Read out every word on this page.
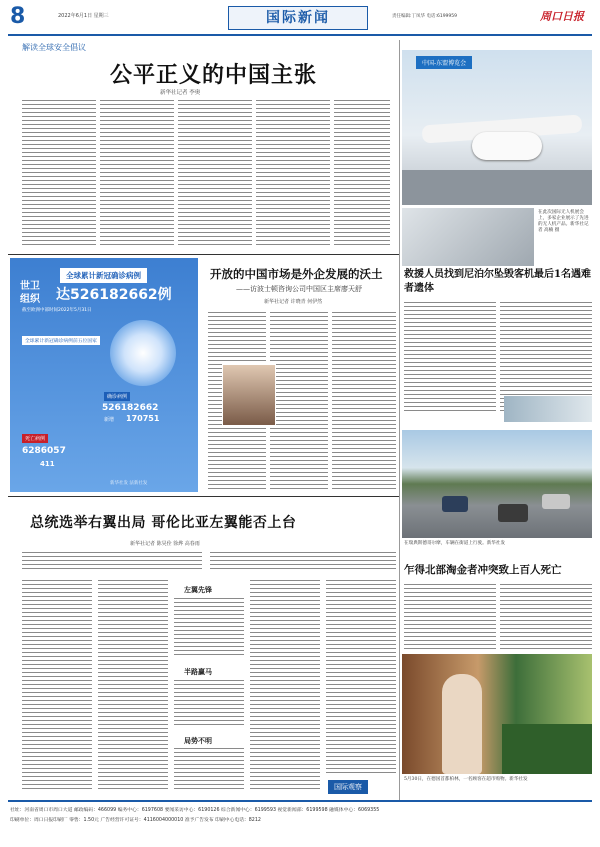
8	2022年6月1日 星期三	国际新闻	责任编辑:丁凤华 电话:6199959	周口日报
解读全球安全倡议
公平正义的中国主张
新华社记者 李奥
中国-东盟博览会
在此次国际无人机展会上，多家企业展示了先进的无人机产品。新华社记者 高楠 摄
世卫组织
全球累计新冠确诊病例
达526182662例
截至欧洲中部时间2022年5月31日
全球累计新冠确诊病例前五位国家
确诊病例
526182662
新增 170751
死亡病例
6286057
411
新华社发 法新社发
开放的中国市场是外企发展的沃土
——访波士顿咨询公司中国区主席廖天舒
新华社记者 许晓青 何伊然
救援人员找到尼泊尔坠毁客机最后1名遇难者遗体
在瑞典斯德哥尔摩，车辆在街道上行驶。新华社发
总统选举右翼出局 哥伦比亚左翼能否上台
新华社记者 陈昊佺 徐烨 高春雨
左翼先锋
半路赢马
局势不明
国际观察
乍得北部淘金者冲突致上百人死亡
5月30日，在德国首都柏林，一名顾客在超市购物。新华社发
社址：河南省周口市周口大道 邮政编码：466099 编务中心：6197608 要闻采访中心：6190126 综合新闻中心：6199593 视觉新闻部：6199598 融媒体中心：6069355
印刷单位：周口日报印刷厂 零售：1.50元 广告经营许可证号：4116004000010 准予广告发布 印刷中心电话：8212
